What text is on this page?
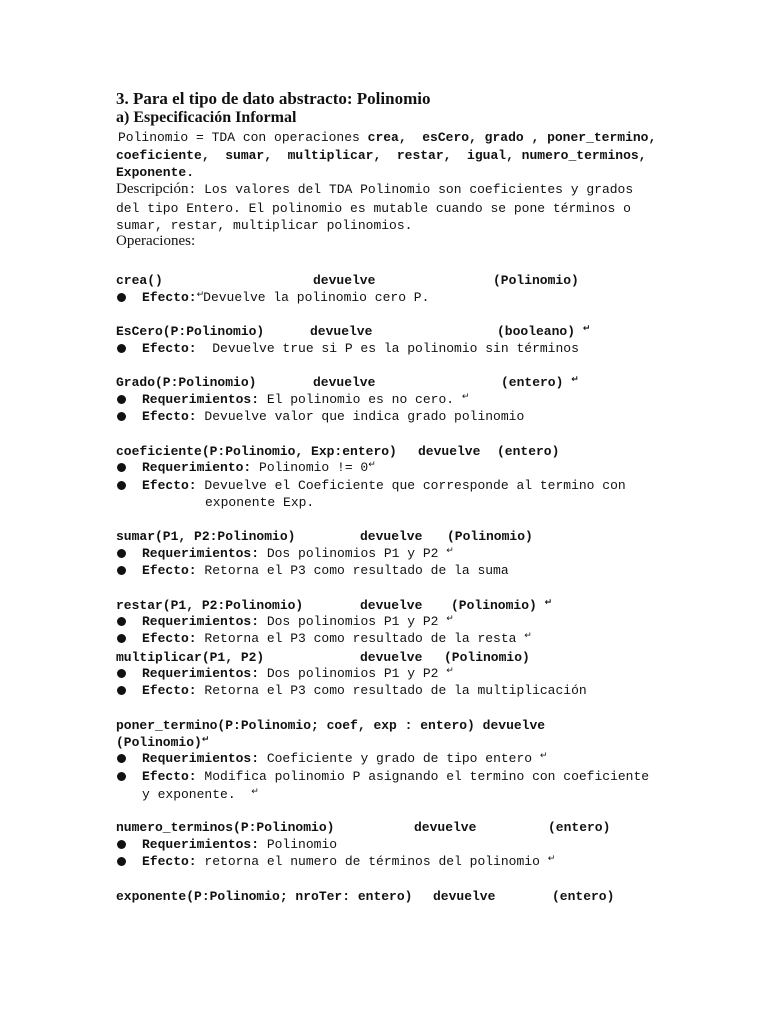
3. Para el tipo de dato abstracto: Polinomio
a) Especificación Informal
Polinomio = TDA con operaciones crea,  esCero, grado , poner_termino,
coeficiente,  sumar,  multiplicar,  restar,  igual, numero_terminos,
Exponente.
Descripción: Los valores del TDA Polinomio son coeficientes y grados
del tipo Entero. El polinomio es mutable cuando se pone términos o
sumar, restar, multiplicar polinomios.
Operaciones:
crea()	devuelve	(Polinomio)
Efecto:↵Devuelve la polinomio cero P.
EsCero(P:Polinomio)	devuelve	(booleano) ↵
Efecto:  Devuelve true si P es la polinomio sin términos
Grado(P:Polinomio)	devuelve	(entero) ↵
Requerimientos: El polinomio es no cero. ↵
Efecto: Devuelve valor que indica grado polinomio
coeficiente(P:Polinomio, Exp:entero) devuelve (entero)
Requerimiento: Polinomio != 0↵
Efecto: Devuelve el Coeficiente que corresponde al termino con
exponente Exp.
sumar(P1, P2:Polinomio)	devuelve (Polinomio)
Requerimientos: Dos polinomios P1 y P2 ↵
Efecto: Retorna el P3 como resultado de la suma
restar(P1, P2:Polinomio)	devuelve (Polinomio) ↵
Requerimientos: Dos polinomios P1 y P2 ↵
Efecto: Retorna el P3 como resultado de la resta ↵
multiplicar(P1, P2)	devuelve (Polinomio)
Requerimientos: Dos polinomios P1 y P2 ↵
Efecto: Retorna el P3 como resultado de la multiplicación
poner_termino(P:Polinomio; coef, exp : entero) devuelve
(Polinomio)↵
Requerimientos: Coeficiente y grado de tipo entero ↵
Efecto: Modifica polinomio P asignando el termino con coeficiente
y exponente. ↵
numero_terminos(P:Polinomio)	devuelve	(entero)
Requerimientos: Polinomio
Efecto: retorna el numero de términos del polinomio ↵
exponente(P:Polinomio; nroTer: entero) devuelve	(entero)
